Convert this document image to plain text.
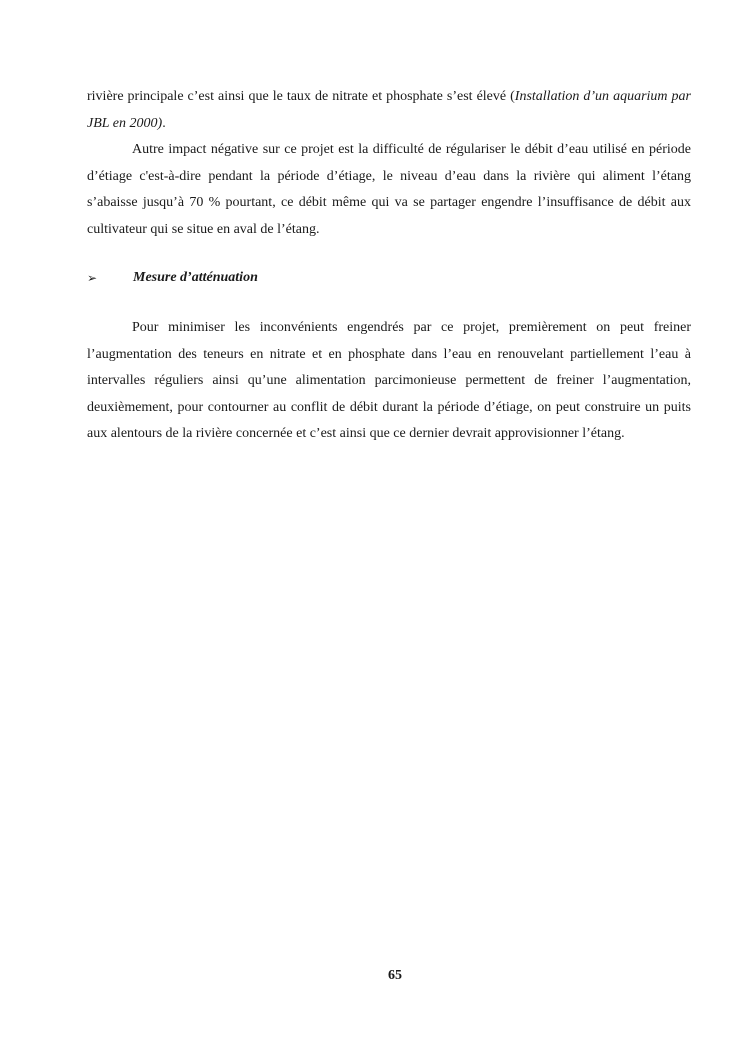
rivière principale c’est ainsi que le taux de nitrate et phosphate s’est élevé (Installation d’un aquarium par JBL en 2000).

Autre impact négative sur ce projet est la difficulté de régulariser le débit d’eau utilisé en période d’étiage c'est-à-dire pendant la période d’étiage, le niveau d’eau dans la rivière qui aliment l’étang s’abaisse jusqu’à 70 % pourtant, ce débit même qui va se partager engendre l’insuffisance de débit aux cultivateur qui se situe en aval de l’étang.

➢	Mesure d’atténuation

Pour minimiser les inconvénients engendrés par ce projet, premièrement on peut freiner l’augmentation des teneurs en nitrate et en phosphate dans l’eau en renouvelant partiellement l’eau à intervalles réguliers ainsi qu’une alimentation parcimonieuse permettent de freiner l’augmentation, deuxièmement, pour contourner au conflit de débit durant la période d’étiage, on peut construire un puits aux alentours de la rivière concernée et c’est ainsi que ce dernier devrait approvisionner l’étang.

65
